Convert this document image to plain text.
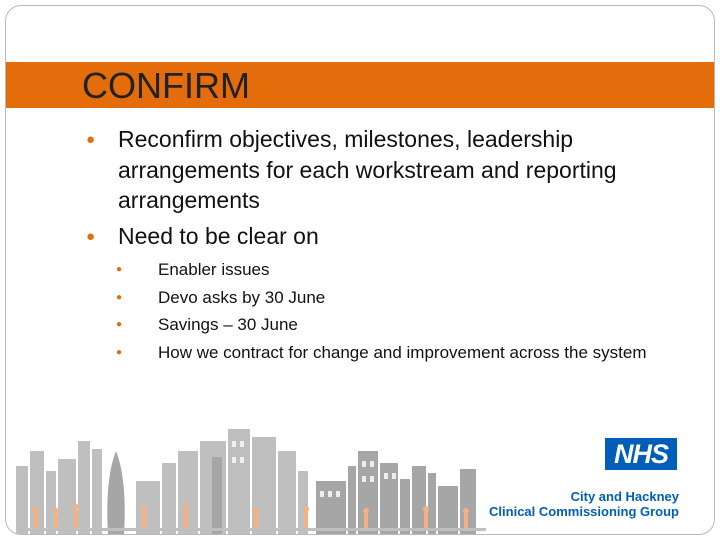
CONFIRM
● Reconfirm objectives, milestones, leadership arrangements for each workstream and reporting arrangements
● Need to be clear on
● Enabler issues
● Devo asks by 30 June
● Savings – 30 June
● How we contract for change and improvement across the system
NHS
City and Hackney
Clinical Commissioning Group
